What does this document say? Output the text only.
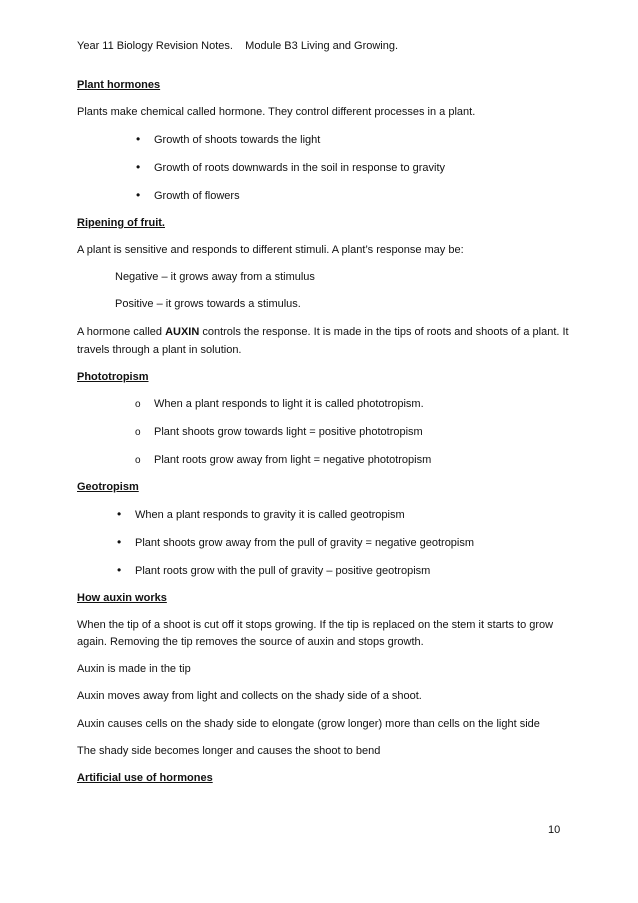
Year 11 Biology Revision Notes. Module B3 Living and Growing.
Plant hormones
Plants make chemical called hormone. They control different processes in a plant.
•
Growth of shoots towards the light
•
Growth of roots downwards in the soil in response to gravity
•
Growth of flowers
Ripening of fruit.
A plant is sensitive and responds to different stimuli. A plant’s response may be:
Negative – it grows away from a stimulus
Positive – it grows towards a stimulus.
A hormone called AUXIN controls the response. It is made in the tips of roots and shoots of a plant. It
travels through a plant in solution.
Phototropism
o
When a plant responds to light it is called phototropism.
o
Plant shoots grow towards light = positive phototropism
o
Plant roots grow away from light = negative phototropism
Geotropism
•
When a plant responds to gravity it is called geotropism
•
Plant shoots grow away from the pull of gravity = negative geotropism
•
Plant roots grow with the pull of gravity – positive geotropism
How auxin works
When the tip of a shoot is cut off it stops growing. If the tip is replaced on the stem it starts to grow
again. Removing the tip removes the source of auxin and stops growth.
Auxin is made in the tip
Auxin moves away from light and collects on the shady side of a shoot.
Auxin causes cells on the shady side to elongate (grow longer) more than cells on the light side
The shady side becomes longer and causes the shoot to bend
Artificial use of hormones
10
